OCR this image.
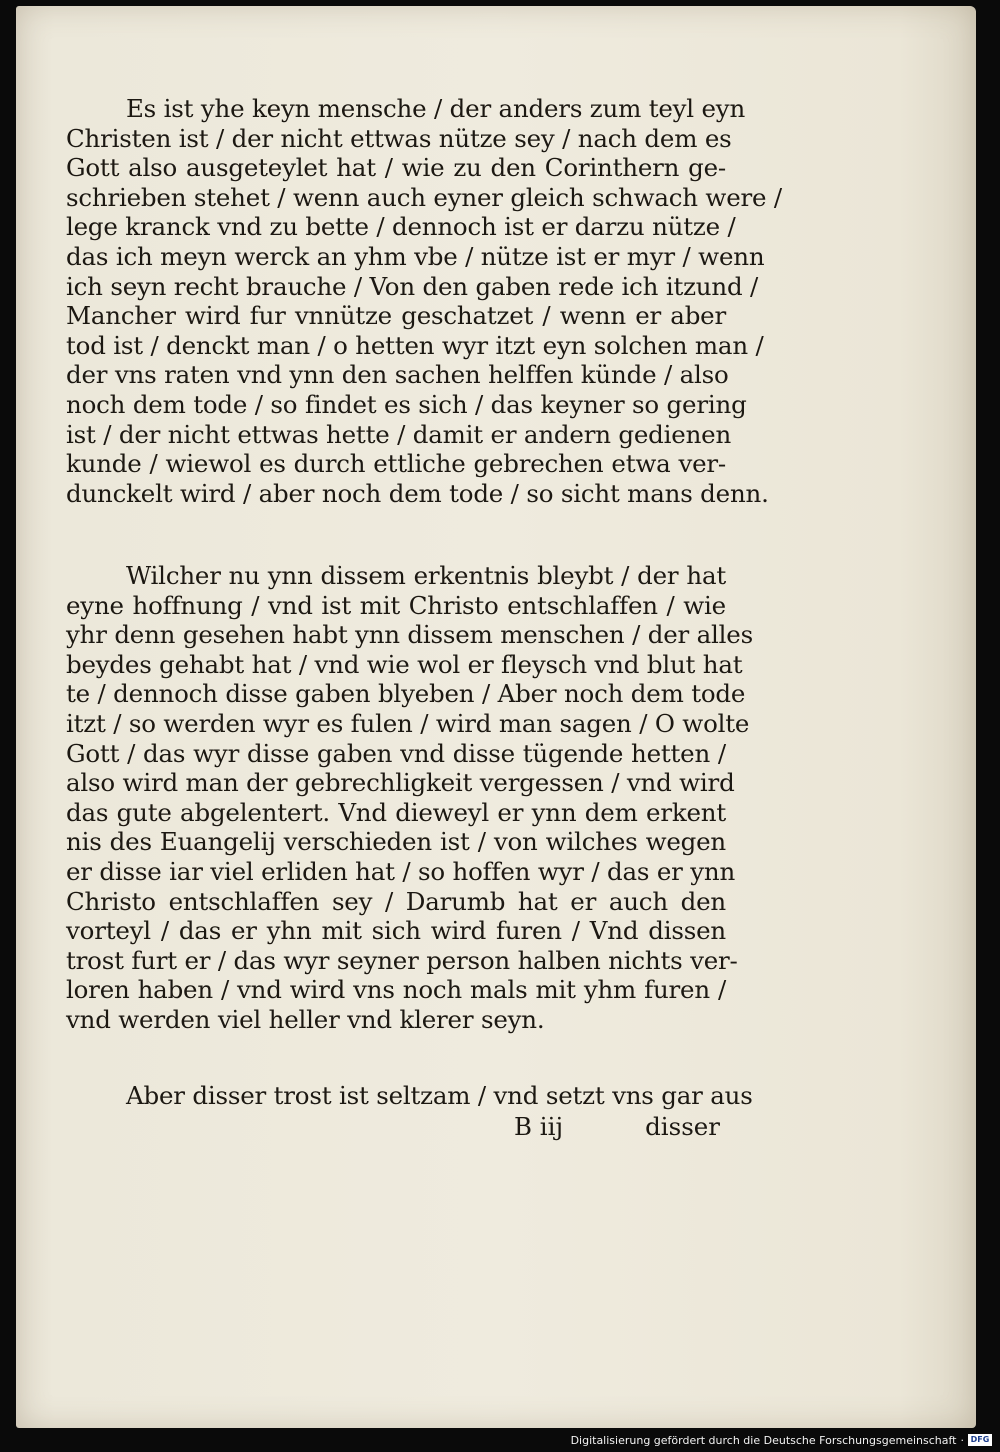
Es ist yhe keyn mensche / der anders zum teyl eyn
Christen ist / der nicht ettwas nütze sey / nach dem es
Gott also ausgeteylet hat / wie zu den Corinthern ge-
schrieben stehet / wenn auch eyner gleich schwach were /
lege kranck vnd zu bette / dennoch ist er darzu nütze /
das ich meyn werck an yhm vbe / nütze ist er myr / wenn
ich seyn recht brauche / Von den gaben rede ich itzund /
Mancher wird fur vnnütze geschatzet / wenn er aber
tod ist / denckt man / o hetten wyr itzt eyn solchen man /
der vns raten vnd ynn den sachen helffen künde / also
noch dem tode / so findet es sich / das keyner so gering
ist / der nicht ettwas hette / damit er andern gedienen
kunde / wiewol es durch ettliche gebrechen etwa ver-
dunckelt wird / aber noch dem tode / so sicht mans denn.
Wilcher nu ynn dissem erkentnis bleybt / der hat
eyne hoffnung / vnd ist mit Christo entschlaffen / wie
yhr denn gesehen habt ynn dissem menschen / der alles
beydes gehabt hat / vnd wie wol er fleysch vnd blut hat
te / dennoch disse gaben blyeben / Aber noch dem tode
itzt / so werden wyr es fulen / wird man sagen / O wolte
Gott / das wyr disse gaben vnd disse tügende hetten /
also wird man der gebrechligkeit vergessen / vnd wird
das gute abgelentert. Vnd dieweyl er ynn dem erkent
nis des Euangelij verschieden ist / von wilches wegen
er disse iar viel erliden hat / so hoffen wyr / das er ynn
Christo entschlaffen sey / Darumb hat er auch den
vorteyl / das er yhn mit sich wird furen / Vnd dissen
trost furt er / das wyr seyner person halben nichts ver-
loren haben / vnd wird vns noch mals mit yhm furen /
vnd werden viel heller vnd klerer seyn.
Aber disser trost ist seltzam / vnd setzt vns gar aus
B iij	disser
Digitalisierung gefördert durch die Deutsche Forschungsgemeinschaft · DFG
